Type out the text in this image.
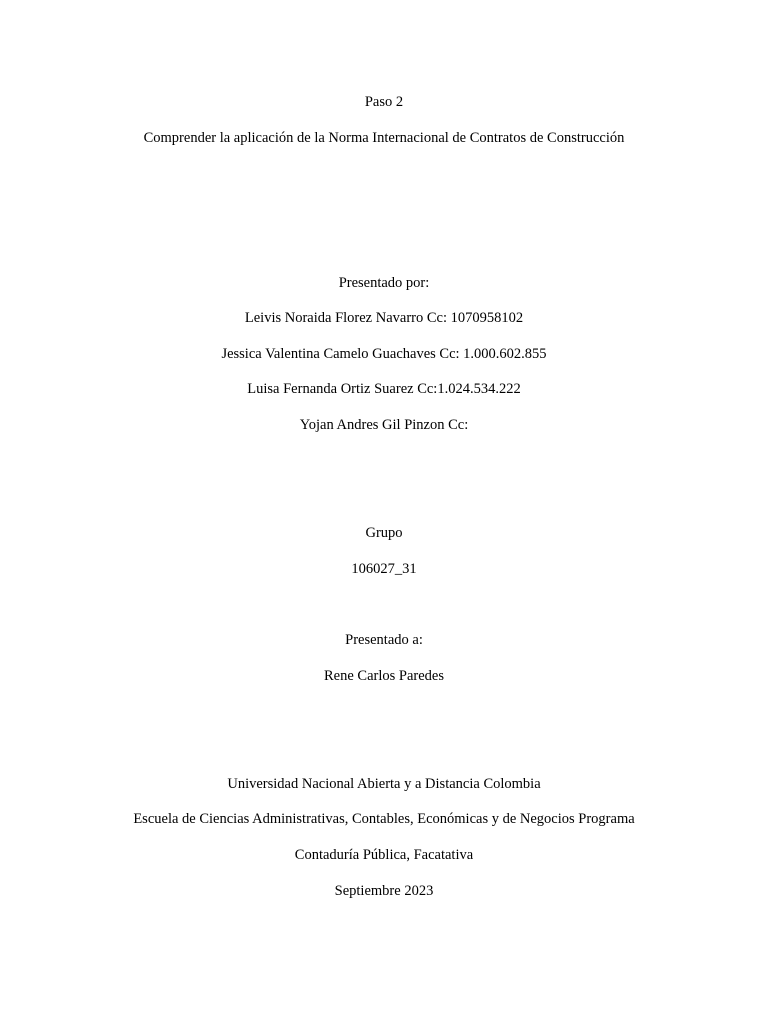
Paso 2
Comprender la aplicación de la Norma Internacional de Contratos de Construcción
Presentado por:
Leivis Noraida Florez Navarro Cc: 1070958102
Jessica Valentina Camelo Guachaves Cc: 1.000.602.855
Luisa Fernanda Ortiz Suarez Cc:1.024.534.222
Yojan Andres Gil Pinzon Cc:
Grupo
106027_31
Presentado a:
Rene Carlos Paredes
Universidad Nacional Abierta y a Distancia Colombia
Escuela de Ciencias Administrativas, Contables, Económicas y de Negocios Programa
Contaduría Pública, Facatativa
Septiembre 2023
